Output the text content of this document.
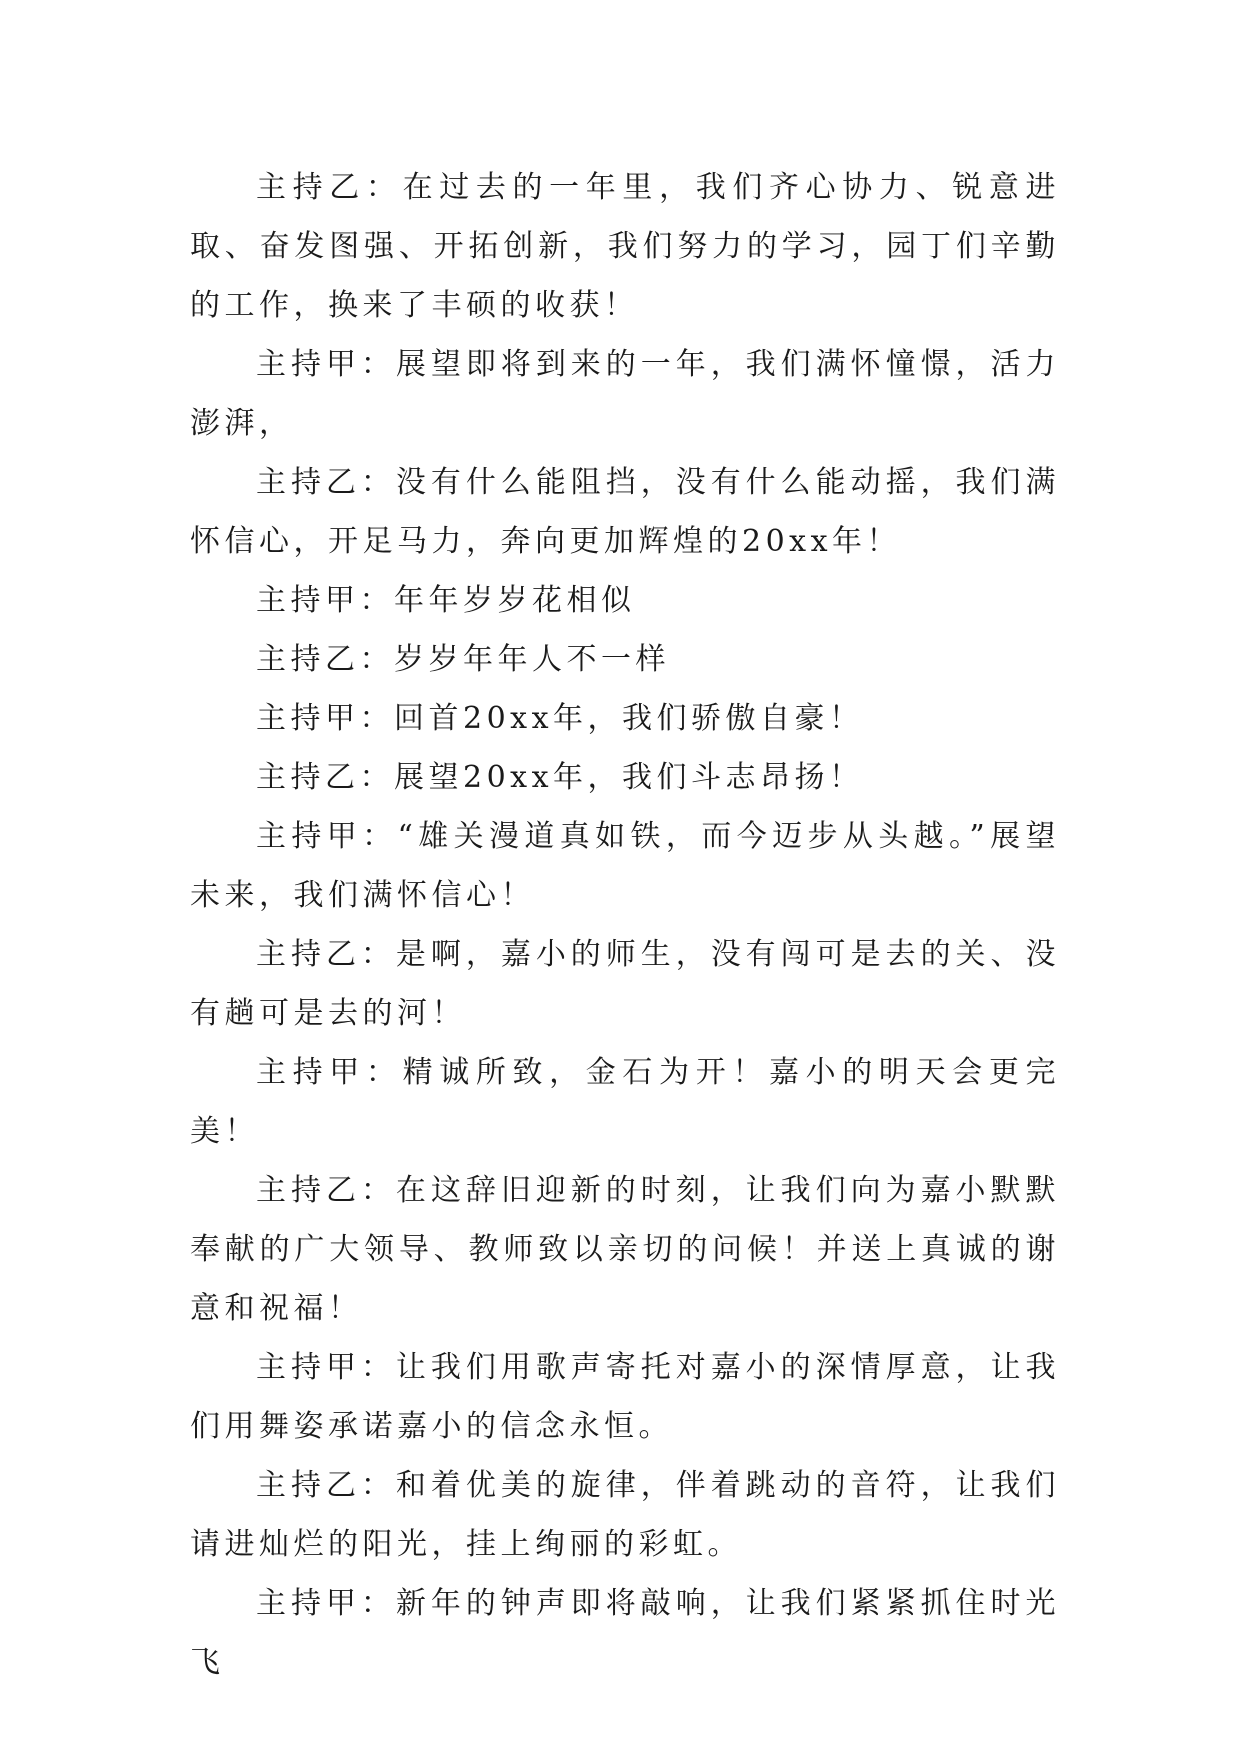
主持乙：在过去的一年里，我们齐心协力、锐意进取、奋发图强、开拓创新，我们努力的学习，园丁们辛勤的工作，换来了丰硕的收获！

主持甲：展望即将到来的一年，我们满怀憧憬，活力澎湃，

主持乙：没有什么能阻挡，没有什么能动摇，我们满怀信心，开足马力，奔向更加辉煌的20xx年！

主持甲：年年岁岁花相似

主持乙：岁岁年年人不一样

主持甲：回首20xx年，我们骄傲自豪！

主持乙：展望20xx年，我们斗志昂扬！

主持甲：“雄关漫道真如铁，而今迈步从头越。”展望未来，我们满怀信心！

主持乙：是啊，嘉小的师生，没有闯可是去的关、没有趟可是去的河！

主持甲：精诚所致，金石为开！嘉小的明天会更完美！

主持乙：在这辞旧迎新的时刻，让我们向为嘉小默默奉献的广大领导、教师致以亲切的问候！并送上真诚的谢意和祝福！

主持甲：让我们用歌声寄托对嘉小的深情厚意，让我们用舞姿承诺嘉小的信念永恒。

主持乙：和着优美的旋律，伴着跳动的音符，让我们请进灿烂的阳光，挂上绚丽的彩虹。

主持甲：新年的钟声即将敲响，让我们紧紧抓住时光飞
